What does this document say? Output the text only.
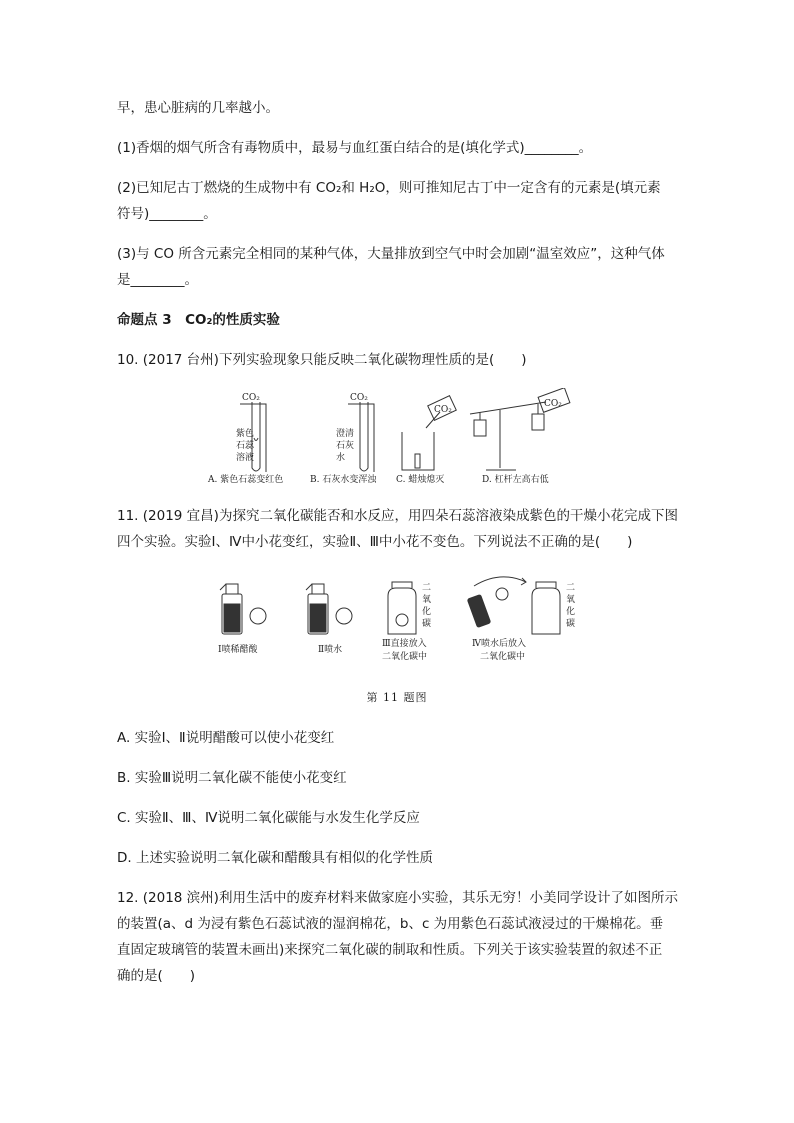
早，患心脏病的几率越小。
(1)香烟的烟气所含有毒物质中，最易与血红蛋白结合的是(填化学式)________。
(2)已知尼古丁燃烧的生成物中有 CO₂和 H₂O，则可推知尼古丁中一定含有的元素是(填元素
符号)________。
(3)与 CO 所含元素完全相同的某种气体，大量排放到空气中时会加剧“温室效应”，这种气体
是________。
命题点 3　CO₂的性质实验
10. (2017 台州)下列实验现象只能反映二氧化碳物理性质的是(　　)
CO₂	CO₂
CO₂
CO₂
紫色
石蕊
溶液
澄清
石灰
水
A. 紫色石蕊变红色	B. 石灰水变浑浊 C. 蜡烛熄灭	D. 杠杆左高右低
11. (2019 宜昌)为探究二氧化碳能否和水反应，用四朵石蕊溶液染成紫色的干燥小花完成下图
四个实验。实验Ⅰ、Ⅳ中小花变红，实验Ⅱ、Ⅲ中小花不变色。下列说法不正确的是(　　)
二
氧
化
碳
二
氧
化
碳
Ⅰ喷稀醋酸	Ⅱ喷水
Ⅲ直接放入
二氧化碳中
Ⅳ喷水后放入
二氧化碳中
第 11 题图
A. 实验Ⅰ、Ⅱ说明醋酸可以使小花变红
B. 实验Ⅲ说明二氧化碳不能使小花变红
C. 实验Ⅱ、Ⅲ、Ⅳ说明二氧化碳能与水发生化学反应
D. 上述实验说明二氧化碳和醋酸具有相似的化学性质
12. (2018 滨州)利用生活中的废弃材料来做家庭小实验，其乐无穷！小美同学设计了如图所示
的装置(a、d 为浸有紫色石蕊试液的湿润棉花，b、c 为用紫色石蕊试液浸过的干燥棉花。垂
直固定玻璃管的装置未画出)来探究二氧化碳的制取和性质。下列关于该实验装置的叙述不正
确的是(　　)
